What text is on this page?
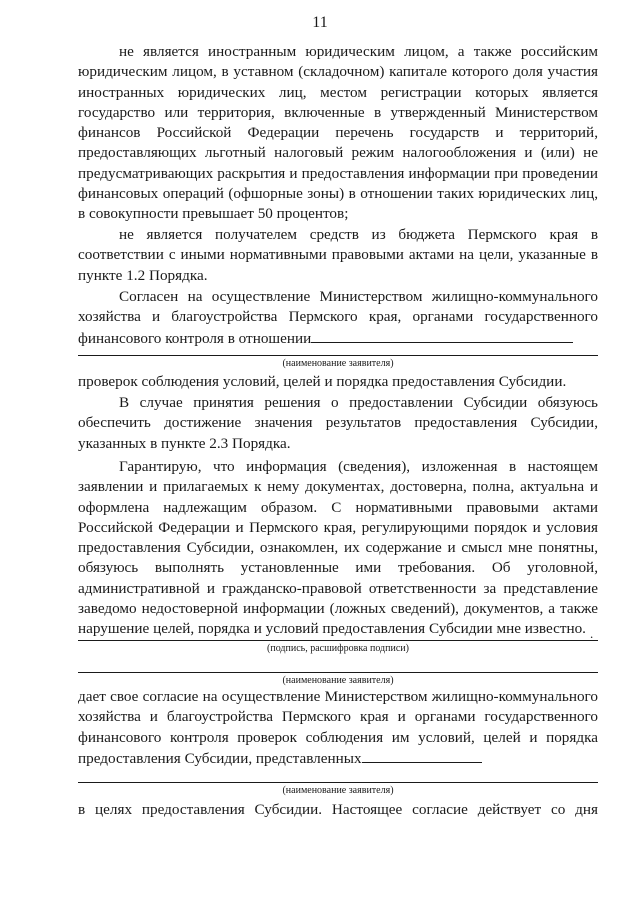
11

не является иностранным юридическим лицом, а также российским юридическим лицом, в уставном (складочном) капитале которого доля участия иностранных юридических лиц, местом регистрации которых является государство или территория, включенные в утвержденный Министерством финансов Российской Федерации перечень государств и территорий, предоставляющих льготный налоговый режим налогообложения и (или) не предусматривающих раскрытия и предоставления информации при проведении финансовых операций (офшорные зоны) в отношении таких юридических лиц, в совокупности превышает 50 процентов;

не является получателем средств из бюджета Пермского края в соответствии с иными нормативными правовыми актами на цели, указанные в пункте 1.2 Порядка.

Согласен на осуществление Министерством жилищно-коммунального хозяйства и благоустройства Пермского края, органами государственного финансового контроля в отношении

(наименование заявителя)

проверок соблюдения условий, целей и порядка предоставления Субсидии.

В случае принятия решения о предоставлении Субсидии обязуюсь обеспечить достижение значения результатов предоставления Субсидии, указанных в пункте 2.3 Порядка.

Гарантирую, что информация (сведения), изложенная в настоящем заявлении и прилагаемых к нему документах, достоверна, полна, актуальна и оформлена надлежащим образом. С нормативными правовыми актами Российской Федерации и Пермского края, регулирующими порядок и условия предоставления Субсидии, ознакомлен, их содержание и смысл мне понятны, обязуюсь выполнять установленные ими требования. Об уголовной, административной и гражданско-правовой ответственности за представление заведомо недостоверной информации (ложных сведений), документов, а также нарушение целей, порядка и условий предоставления Субсидии мне известно. .
(подпись, расшифровка подписи)
(наименование заявителя)

дает свое согласие на осуществление Министерством жилищно-коммунального хозяйства и благоустройства Пермского края и органами государственного финансового контроля проверок соблюдения им условий, целей и порядка предоставления Субсидии, представленных

(наименование заявителя)

в целях предоставления Субсидии. Настоящее согласие действует со дня
